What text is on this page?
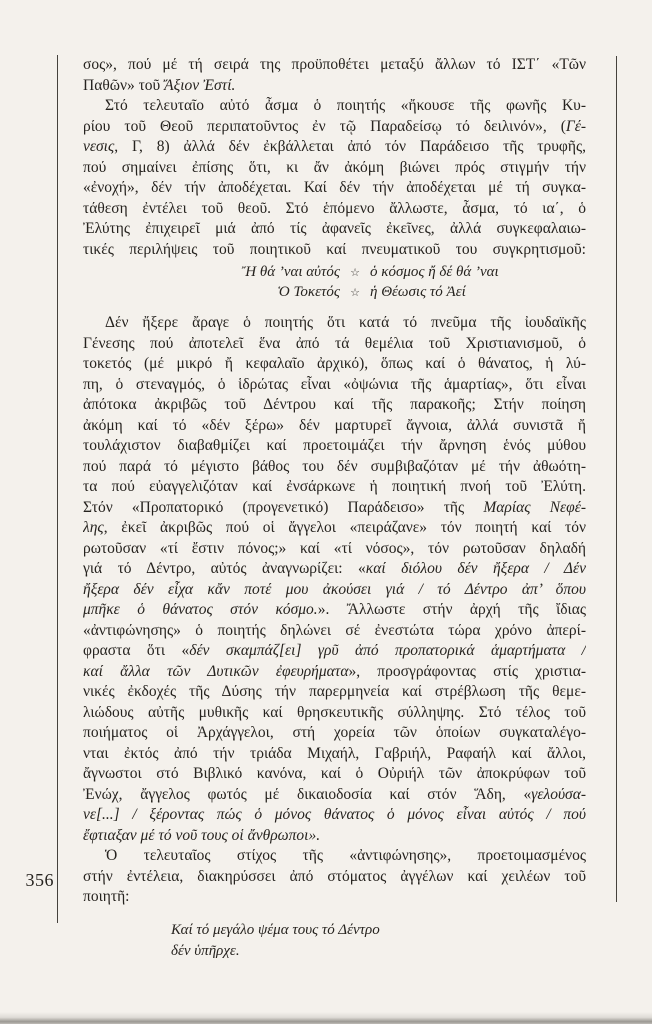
356
σος», πού μέ τή σειρά της προϋποθέτει μεταξύ ἄλλων τό ΙΣΤ΄ «Τῶν
Παθῶν» τοῦ Ἄξιον Ἐστί.
Στό τελευταῖο αὐτό ἆσμα ὁ ποιητής «ἤκουσε τῆς φωνῆς Κυ-
ρίου τοῦ Θεοῦ περιπατοῦντος ἐν τῷ Παραδείσῳ τό δειλινόν», (Γέ-
νεσις, Γ, 8) ἀλλά δέν ἐκβάλλεται ἀπό τόν Παράδεισο τῆς τρυφῆς,
πού σημαίνει ἐπίσης ὅτι, κι ἄν ἀκόμη βιώνει πρός στιγμήν τήν
«ἐνοχή», δέν τήν ἀποδέχεται. Καί δέν τήν ἀποδέχεται μέ τή συγκα-
τάθεση ἐντέλει τοῦ θεοῦ. Στό ἑπόμενο ἄλλωστε, ἆσμα, τό ια΄, ὁ
Ἐλύτης ἐπιχειρεῖ μιά ἀπό τίς ἀφανεῖς ἐκεῖνες, ἀλλά συγκεφαλαιω-
τικές περιλήψεις τοῦ ποιητικοῦ καί πνευματικοῦ του συγκρητισμοῦ:
Ἤ θά ’ναι αὐτός ☆ ὁ κόσμος ἤ δέ θά ’ναι
Ὁ Τοκετός ☆ ἡ Θέωσις τό Ἀεί
Δέν ἤξερε ἄραγε ὁ ποιητής ὅτι κατά τό πνεῦμα τῆς ἰουδαϊκῆς
Γένεσης πού ἀποτελεῖ ἕνα ἀπό τά θεμέλια τοῦ Χριστιανισμοῦ, ὁ
τοκετός (μέ μικρό ἤ κεφαλαῖο ἀρχικό), ὅπως καί ὁ θάνατος, ἡ λύ-
πη, ὁ στεναγμός, ὁ ἱδρώτας εἶναι «ὀψώνια τῆς ἁμαρτίας», ὅτι εἶναι
ἀπότοκα ἀκριβῶς τοῦ Δέντρου καί τῆς παρακοῆς; Στήν ποίηση
ἀκόμη καί τό «δέν ξέρω» δέν μαρτυρεῖ ἄγνοια, ἀλλά συνιστᾶ ἤ
τουλάχιστον διαβαθμίζει καί προετοιμάζει τήν ἄρνηση ἑνός μύθου
πού παρά τό μέγιστο βάθος του δέν συμβιβαζόταν μέ τήν ἀθωότη-
τα πού εὐαγγελιζόταν καί ἐνσάρκωνε ἡ ποιητική πνοή τοῦ Ἐλύτη.
Στόν «Προπατορικό (προγενετικό) Παράδεισο» τῆς Μαρίας Νεφέ-
λης, ἐκεῖ ἀκριβῶς πού οἱ ἄγγελοι «πειράζανε» τόν ποιητή καί τόν
ρωτοῦσαν «τί ἔστιν πόνος;» καί «τί νόσος», τόν ρωτοῦσαν δηλαδή
γιά τό Δέντρο, αὐτός ἀναγνωρίζει: «καί διόλου δέν ἤξερα / Δέν
ἤξερα δέν εἶχα κἄν ποτέ μου ἀκούσει γιά / τό Δέντρο ἀπ’ ὅπου
μπῆκε ὁ θάνατος στόν κόσμο.». Ἄλλωστε στήν ἀρχή τῆς ἴδιας
«ἀντιφώνησης» ὁ ποιητής δηλώνει σέ ἐνεστώτα τώρα χρόνο ἀπερί-
φραστα ὅτι «δέν σκαμπάζ[ει] γρῦ ἀπό προπατορικά ἁμαρτήματα /
καί ἄλλα τῶν Δυτικῶν ἐφευρήματα», προσγράφοντας στίς χριστια-
νικές ἐκδοχές τῆς Δύσης τήν παρερμηνεία καί στρέβλωση τῆς θεμε-
λιώδους αὐτῆς μυθικῆς καί θρησκευτικῆς σύλληψης. Στό τέλος τοῦ
ποιήματος οἱ Ἀρχάγγελοι, στή χορεία τῶν ὁποίων συγκαταλέγο-
νται ἐκτός ἀπό τήν τριάδα Μιχαήλ, Γαβριήλ, Ραφαήλ καί ἄλλοι,
ἄγνωστοι στό Βιβλικό κανόνα, καί ὁ Οὐριήλ τῶν ἀποκρύφων τοῦ
Ἐνώχ, ἄγγελος φωτός μέ δικαιοδοσία καί στόν Ἅδη, «γελούσα-
νε[...] / ξέροντας πώς ὁ μόνος θάνατος ὁ μόνος εἶναι αὐτός / πού
ἔφτιαξαν μέ τό νοῦ τους οἱ ἄνθρωποι».
Ὁ τελευταῖος στίχος τῆς «ἀντιφώνησης», προετοιμασμένος
στήν ἐντέλεια, διακηρύσσει ἀπό στόματος ἀγγέλων καί χειλέων τοῦ
ποιητῆ:
Καί τό μεγάλο ψέμα τους τό Δέντρο
δέν ὑπῆρχε.
